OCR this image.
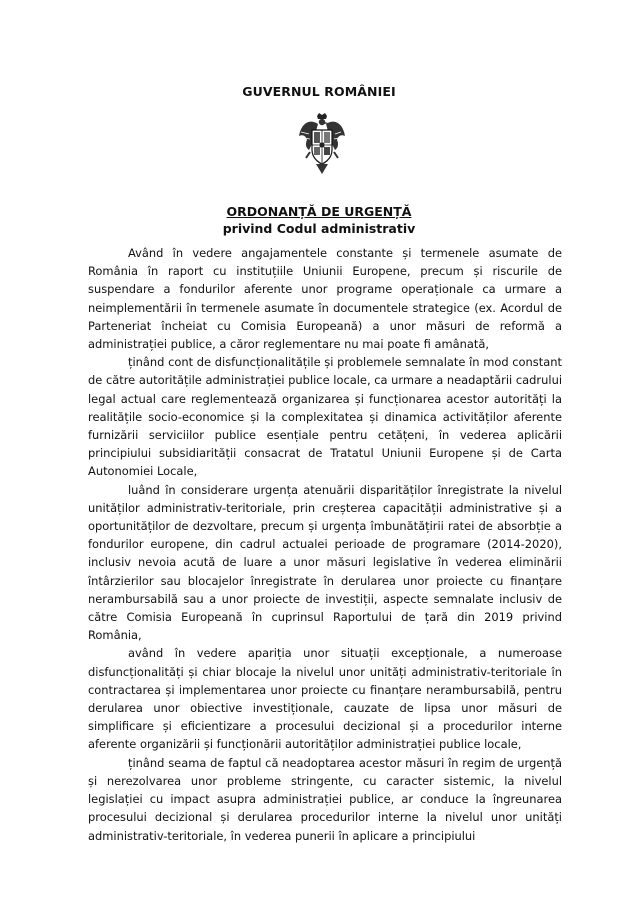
GUVERNUL ROMÂNIEI
ORDONANȚĂ DE URGENȚĂ
privind Codul administrativ

Având în vedere angajamentele constante și termenele asumate de România în raport cu instituțiile Uniunii Europene, precum și riscurile de suspendare a fondurilor aferente unor programe operaționale ca urmare a neimplementării în termenele asumate în documentele strategice (ex. Acordul de Parteneriat încheiat cu Comisia Europeană) a unor măsuri de reformă a administrației publice, a căror reglementare nu mai poate fi amânată,

ținând cont de disfuncționalitățile și problemele semnalate în mod constant de către autoritățile administrației publice locale, ca urmare a neadaptării cadrului legal actual care reglementează organizarea și funcționarea acestor autorități la realitățile socio-economice și la complexitatea și dinamica activităților aferente furnizării serviciilor publice esențiale pentru cetățeni, în vederea aplicării principiului subsidiarității consacrat de Tratatul Uniunii Europene și de Carta Autonomiei Locale,

luând în considerare urgența atenuării disparităților înregistrate la nivelul unităților administrativ-teritoriale, prin creșterea capacității administrative și a oportunităților de dezvoltare, precum și urgența îmbunătățirii ratei de absorbție a fondurilor europene, din cadrul actualei perioade de programare (2014-2020), inclusiv nevoia acută de luare a unor măsuri legislative în vederea eliminării întârzierilor sau blocajelor înregistrate în derularea unor proiecte cu finanțare nerambursabilă sau a unor proiecte de investiții, aspecte semnalate inclusiv de către Comisia Europeană în cuprinsul Raportului de țară din 2019 privind România,

având în vedere apariția unor situații excepționale, a numeroase disfuncționalități și chiar blocaje la nivelul unor unități administrativ-teritoriale în contractarea și implementarea unor proiecte cu finanțare nerambursabilă, pentru derularea unor obiective investiționale, cauzate de lipsa unor măsuri de simplificare și eficientizare a procesului decizional și a procedurilor interne aferente organizării și funcționării autorităților administrației publice locale,

ținând seama de faptul că neadoptarea acestor măsuri în regim de urgență și nerezolvarea unor probleme stringente, cu caracter sistemic, la nivelul legislației cu impact asupra administrației publice, ar conduce la îngreunarea procesului decizional și derularea procedurilor interne la nivelul unor unități administrativ-teritoriale, în vederea punerii în aplicare a principiului
